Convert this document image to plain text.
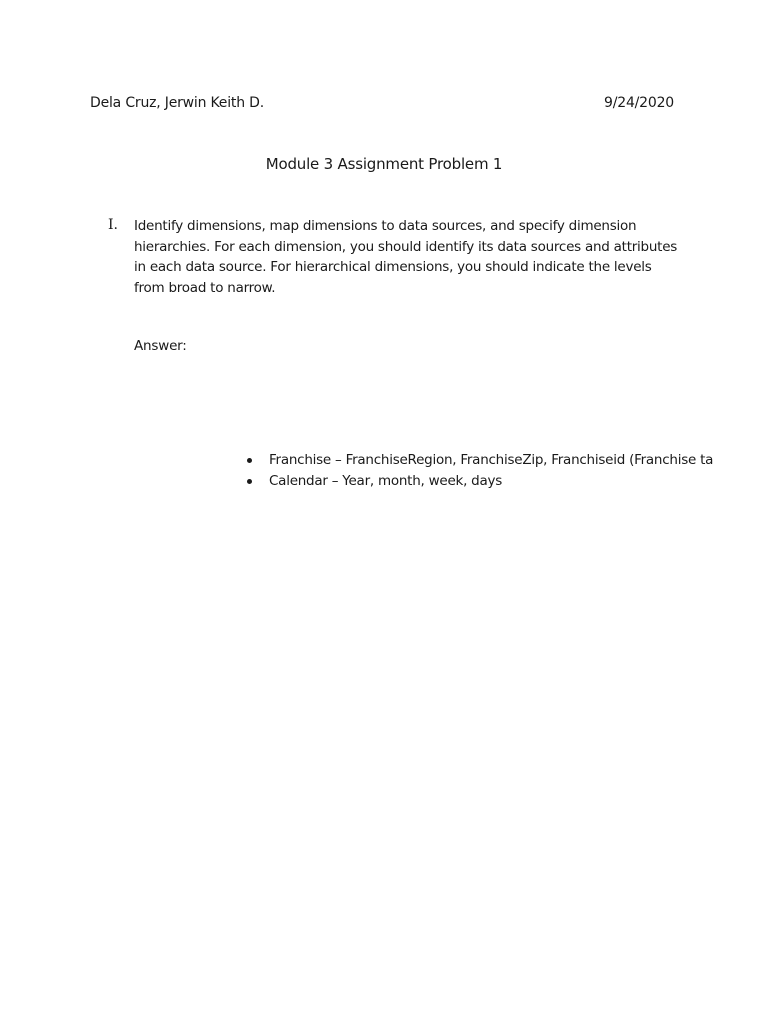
Dela Cruz, Jerwin Keith D.	9/24/2020
Module 3 Assignment Problem 1
I. Identify dimensions, map dimensions to data sources, and specify dimension hierarchies. For each dimension, you should identify its data sources and attributes in each data source. For hierarchical dimensions, you should indicate the levels from broad to narrow.
Answer:
Franchise – FranchiseRegion, FranchiseZip, Franchiseid (Franchise ta
Calendar – Year, month, week, days
